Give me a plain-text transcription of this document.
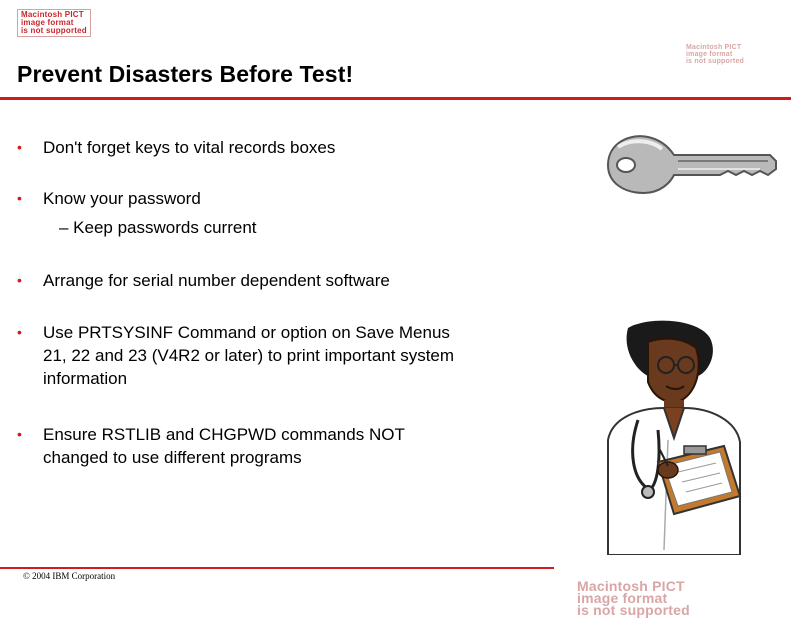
Macintosh PICT
image format
is not supported
Macintosh PICT
image format
is not supported
Prevent Disasters Before Test!
• Don't forget keys to vital records boxes
• Know your password
– Keep passwords current
• Arrange for serial number dependent software
• Use PRTSYSINF Command or option on Save Menus 21, 22 and 23 (V4R2 or later) to print important system information
• Ensure RSTLIB and CHGPWD commands NOT changed to use different programs
© 2004 IBM Corporation
Macintosh PICT
image format
is not supported
